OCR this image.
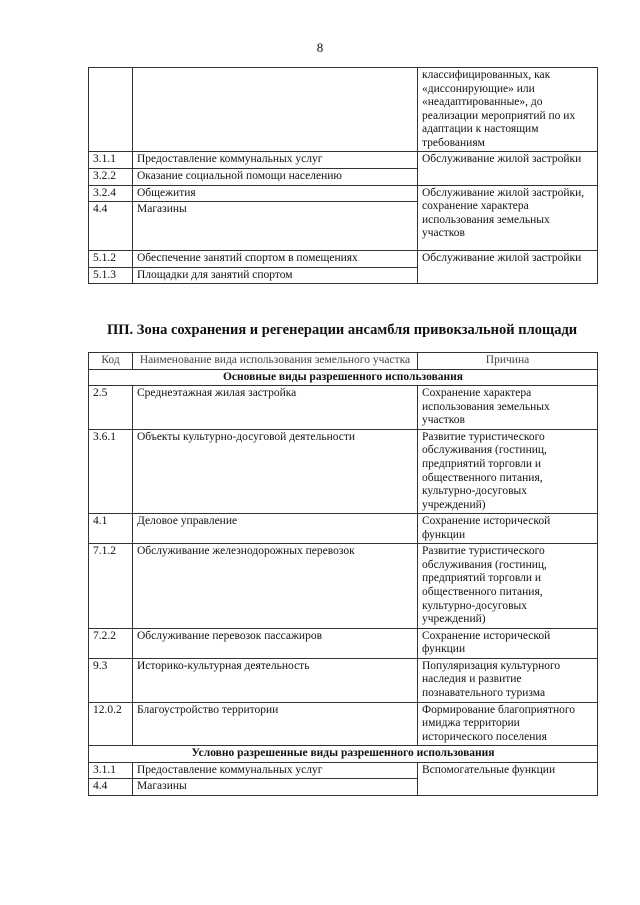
8
		классифицированных, как «диссонирующие» или «неадаптированные», до реализации мероприятий по их адаптации к настоящим требованиям
3.1.1	Предоставление коммунальных услуг	Обслуживание жилой застройки
3.2.2	Оказание социальной помощи населению	
3.2.4	Общежития	Обслуживание жилой застройки, сохранение характера использования земельных участков
4.4	Магазины	
5.1.2	Обеспечение занятий спортом в помещениях	Обслуживание жилой застройки
5.1.3	Площадки для занятий спортом	
ПП. Зона сохранения и регенерации ансамбля привокзальной площади
Код	Наименование вида использования земельного участка	Причина
Основные виды разрешенного использования		
2.5	Среднеэтажная жилая застройка	Сохранение характера использования земельных участков
3.6.1	Объекты культурно-досуговой деятельности	Развитие туристического обслуживания (гостиниц, предприятий торговли и общественного питания, культурно-досуговых учреждений)
4.1	Деловое управление	Сохранение исторической функции
7.1.2	Обслуживание железнодорожных перевозок	Развитие туристического обслуживания (гостиниц, предприятий торговли и общественного питания, культурно-досуговых учреждений)
7.2.2	Обслуживание перевозок пассажиров	Сохранение исторической функции
9.3	Историко-культурная деятельность	Популяризация культурного наследия и развитие познавательного туризма
12.0.2	Благоустройство территории	Формирование благоприятного имиджа территории исторического поселения
Условно разрешенные виды разрешенного использования		
3.1.1	Предоставление коммунальных услуг	Вспомогательные функции
4.4	Магазины	
